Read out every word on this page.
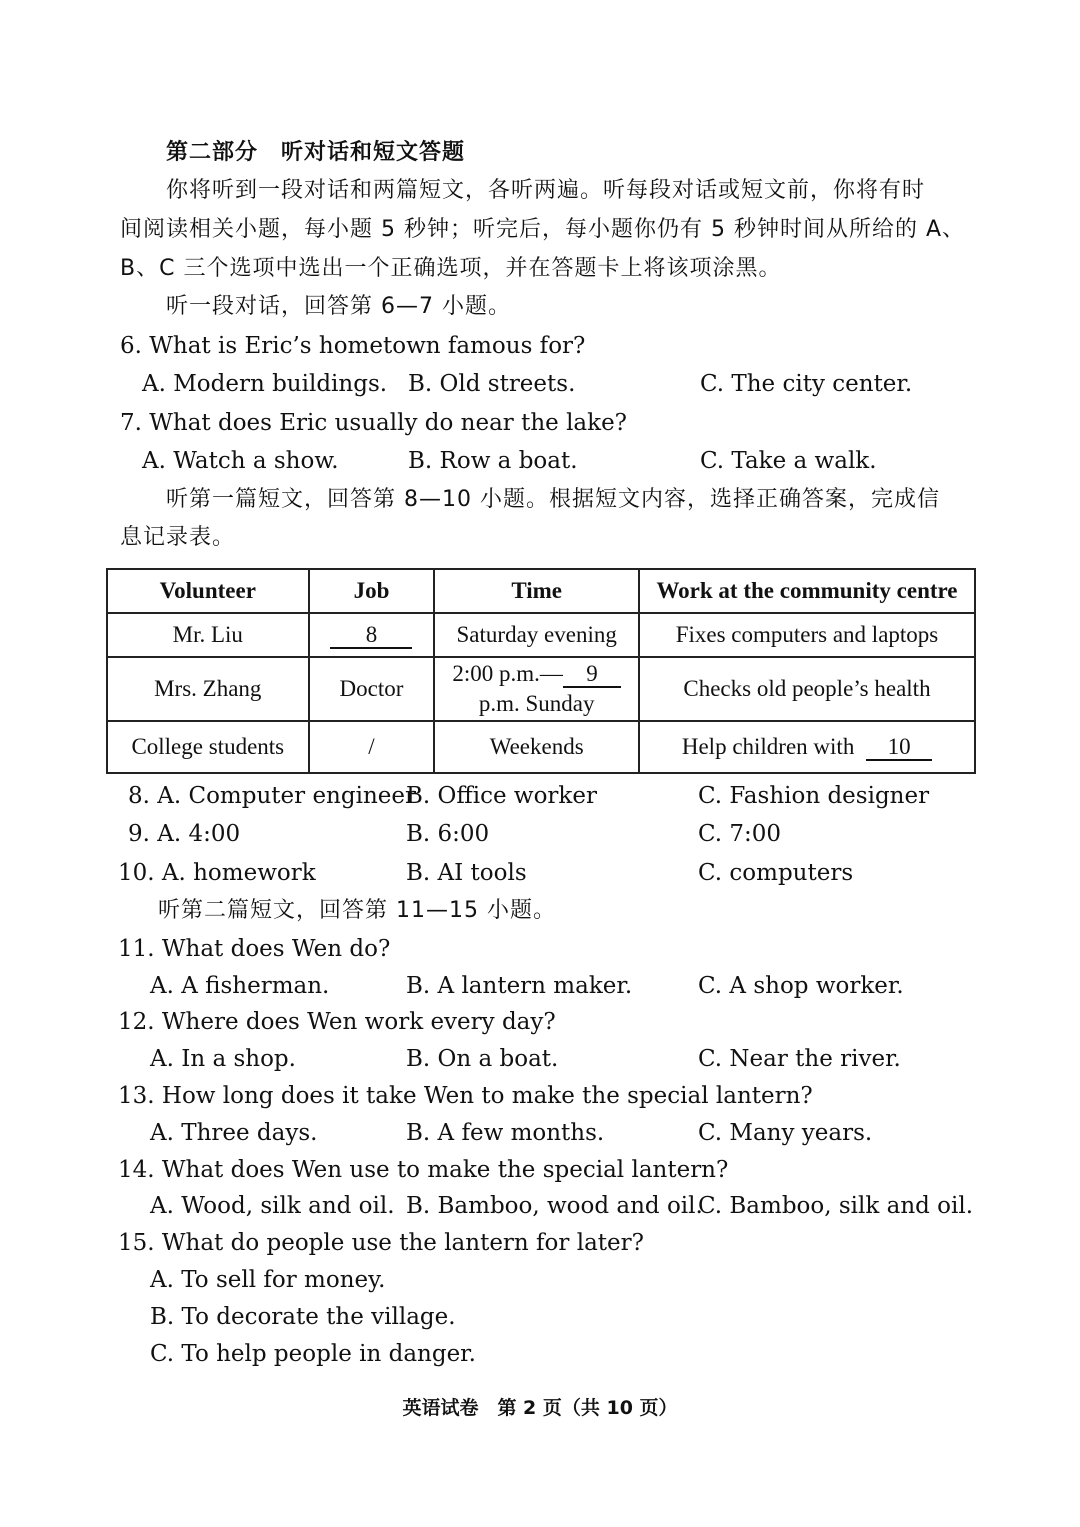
第二部分　听对话和短文答题
你将听到一段对话和两篇短文，各听两遍。听每段对话或短文前，你将有时
间阅读相关小题，每小题 5 秒钟；听完后，每小题你仍有 5 秒钟时间从所给的 A、
B、C 三个选项中选出一个正确选项，并在答题卡上将该项涂黑。
听一段对话，回答第 6—7 小题。
6. What is Eric’s hometown famous for?
A. Modern buildings. B. Old streets.	C. The city center.
7. What does Eric usually do near the lake?
A. Watch a show.	B. Row a boat.	C. Take a walk.
听第一篇短文，回答第 8—10 小题。根据短文内容，选择正确答案，完成信
息记录表。
Volunteer	Job	Time	Work at the community centre
Mr. Liu	8	Saturday evening	Fixes computers and laptops
Mrs. Zhang	Doctor	2:00 p.m.— 9
p.m. Sunday	Checks old people’s health
College students	/	Weekends	Help children with 10
8. A. Computer engineer
B. Office worker	C. Fashion designer
9. A. 4:00	B. 6:00	C. 7:00
10. A. homework	B. AI tools	C. computers
听第二篇短文，回答第 11—15 小题。
11. What does Wen do?
A. A fisherman.	B. A lantern maker.	C. A shop worker.
12. Where does Wen work every day?
A. In a shop.	B. On a boat.	C. Near the river.
13. How long does it take Wen to make the special lantern?
A. Three days.	B. A few months.	C. Many years.
14. What does Wen use to make the special lantern?
A. Wood, silk and oil. B. Bamboo, wood and oil.
C. Bamboo, silk and oil.
15. What do people use the lantern for later?
A. To sell for money.
B. To decorate the village.
C. To help people in danger.
英语试卷　第 2 页（共 10 页）
